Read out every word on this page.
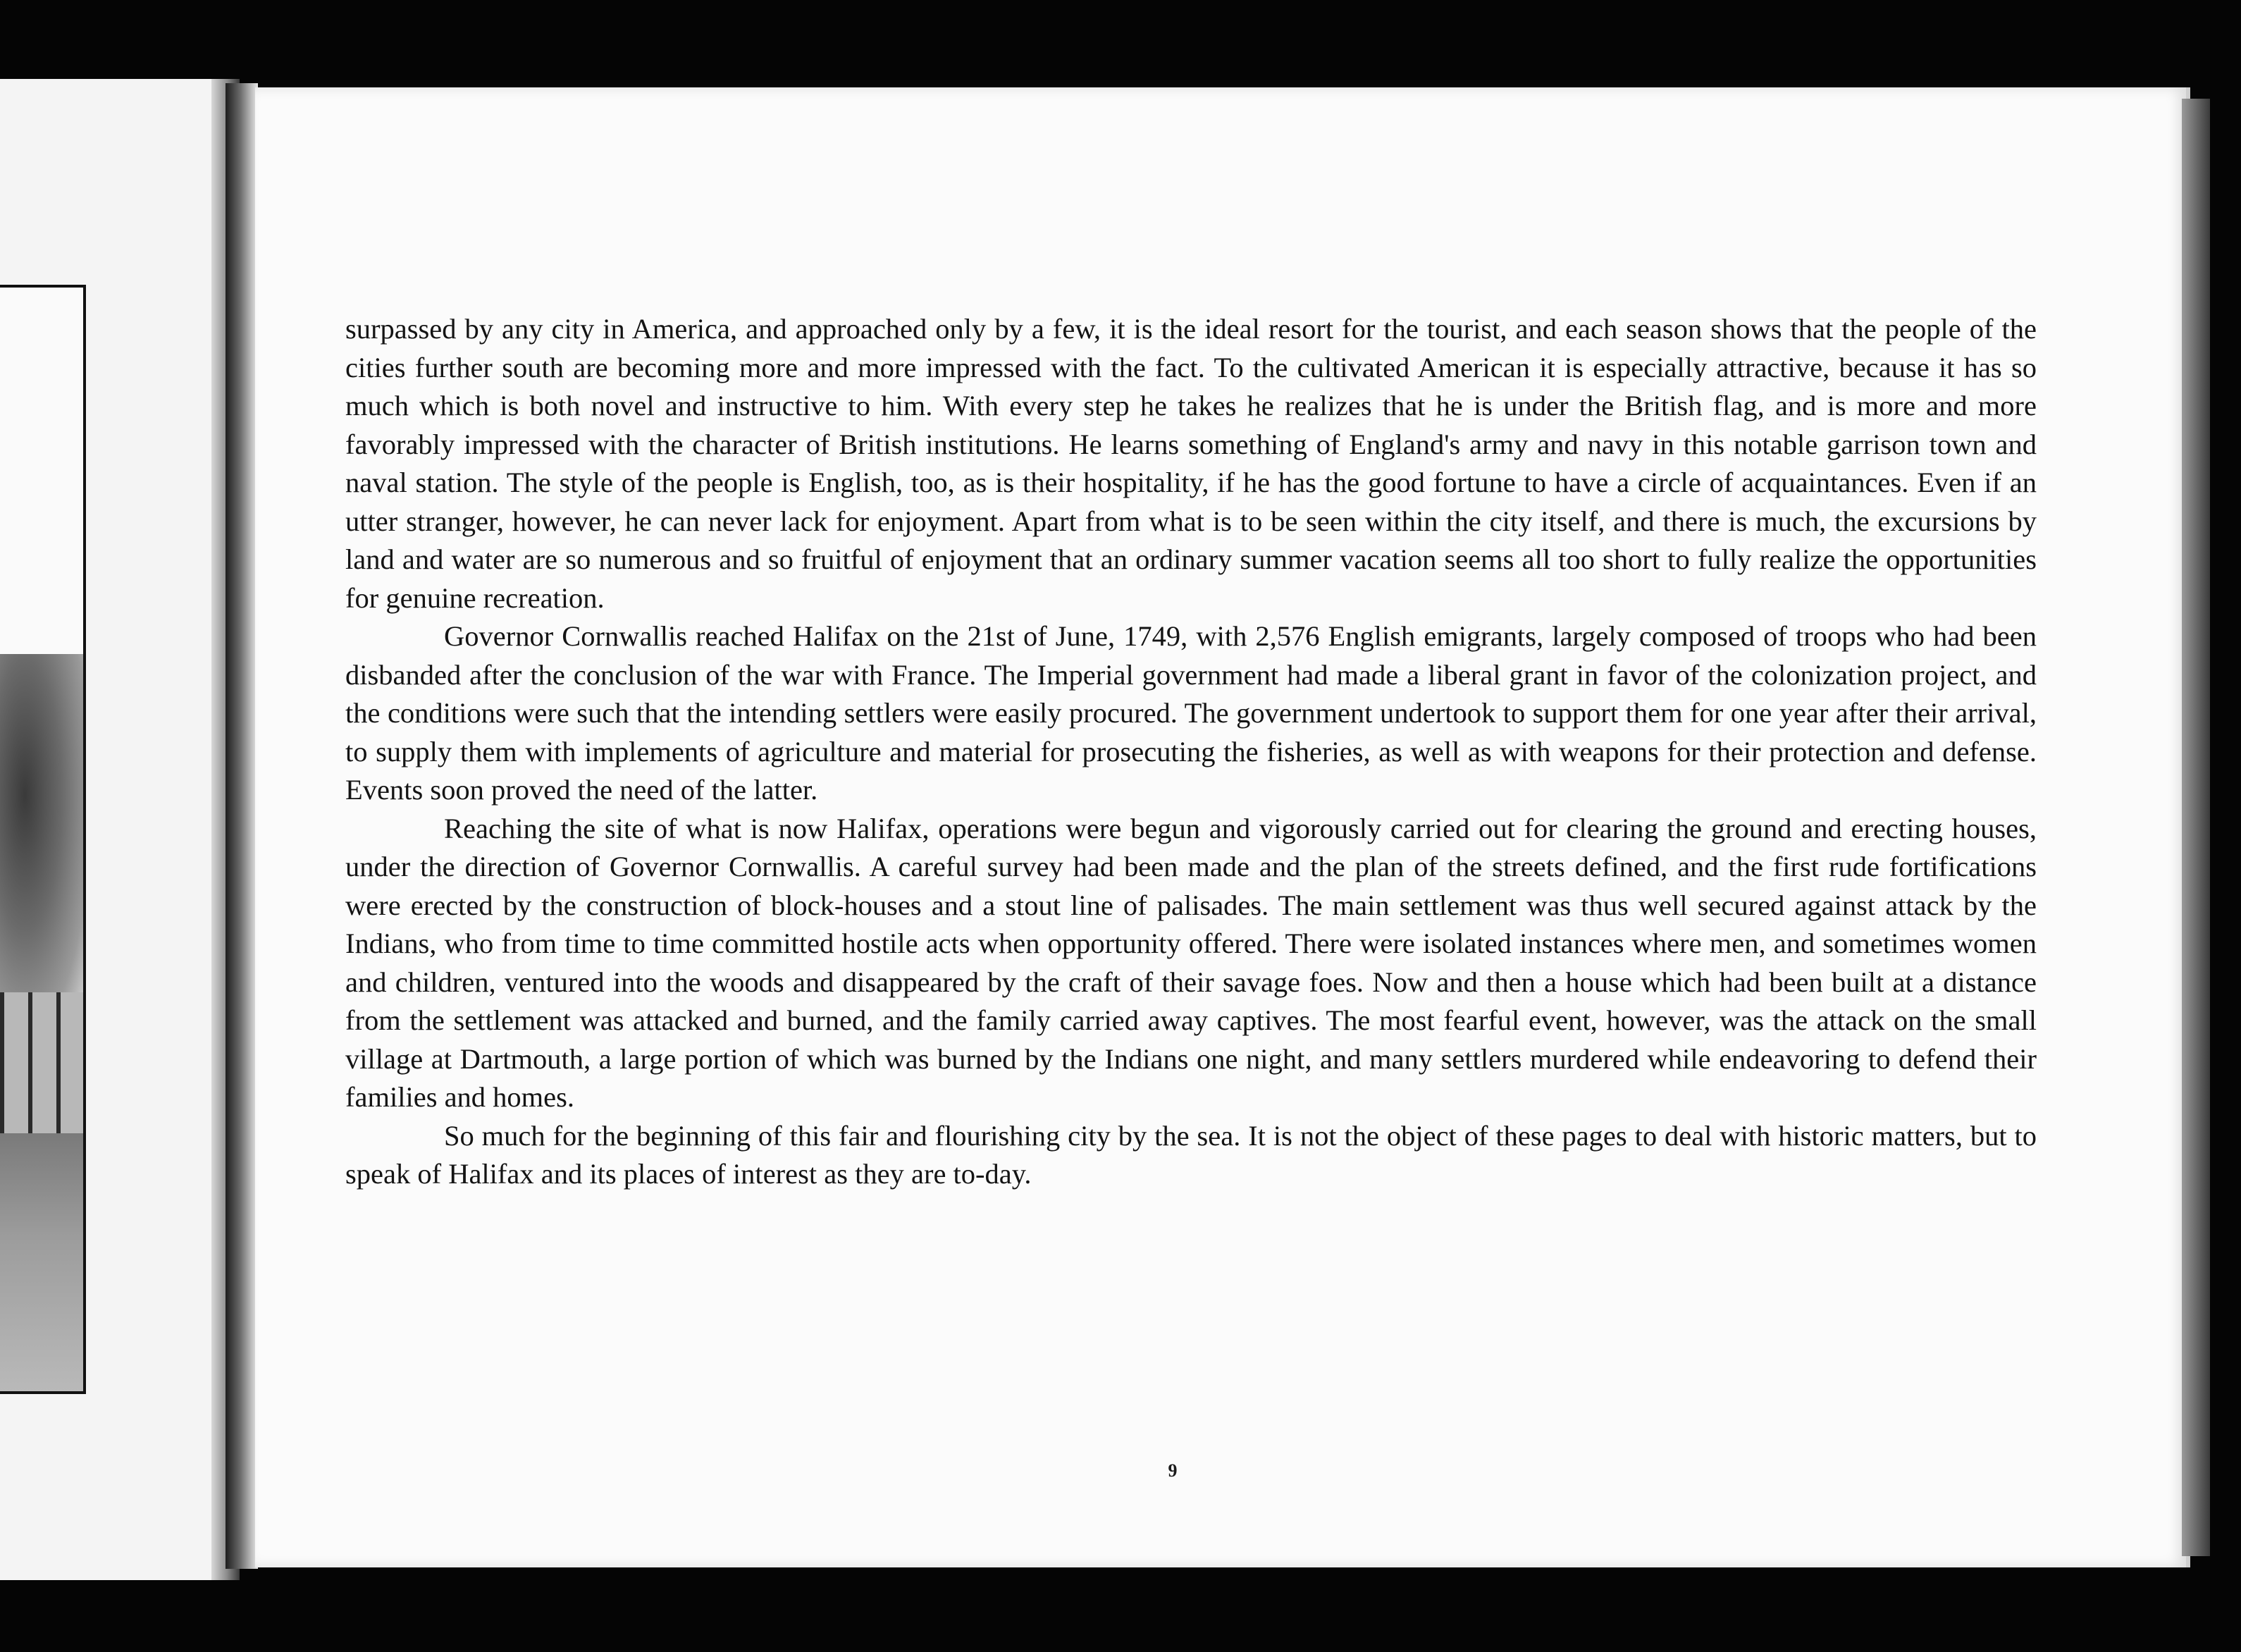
surpassed by any city in America, and approached only by a few, it is the ideal resort for the tourist, and each season shows that the people of the cities further south are becoming more and more impressed with the fact. To the cultivated American it is especially attractive, because it has so much which is both novel and instructive to him. With every step he takes he realizes that he is under the British flag, and is more and more favorably impressed with the character of British institutions. He learns something of England's army and navy in this notable garrison town and naval station. The style of the people is English, too, as is their hospitality, if he has the good fortune to have a circle of acquaintances. Even if an utter stranger, however, he can never lack for enjoyment. Apart from what is to be seen within the city itself, and there is much, the excursions by land and water are so numerous and so fruitful of enjoyment that an ordinary summer vacation seems all too short to fully realize the opportunities for genuine recreation.

Governor Cornwallis reached Halifax on the 21st of June, 1749, with 2,576 English emigrants, largely composed of troops who had been disbanded after the conclusion of the war with France. The Imperial government had made a liberal grant in favor of the colonization project, and the conditions were such that the intending settlers were easily procured. The government undertook to support them for one year after their arrival, to supply them with implements of agriculture and material for prosecuting the fisheries, as well as with weapons for their protection and defense. Events soon proved the need of the latter.

Reaching the site of what is now Halifax, operations were begun and vigorously carried out for clearing the ground and erecting houses, under the direction of Governor Cornwallis. A careful survey had been made and the plan of the streets defined, and the first rude fortifications were erected by the construction of block-houses and a stout line of palisades. The main settlement was thus well secured against attack by the Indians, who from time to time committed hostile acts when opportunity offered. There were isolated instances where men, and sometimes women and children, ventured into the woods and disappeared by the craft of their savage foes. Now and then a house which had been built at a distance from the settlement was attacked and burned, and the family carried away captives. The most fearful event, however, was the attack on the small village at Dartmouth, a large portion of which was burned by the Indians one night, and many settlers murdered while endeavoring to defend their families and homes.

So much for the beginning of this fair and flourishing city by the sea. It is not the object of these pages to deal with historic matters, but to speak of Halifax and its places of interest as they are to-day.

9
